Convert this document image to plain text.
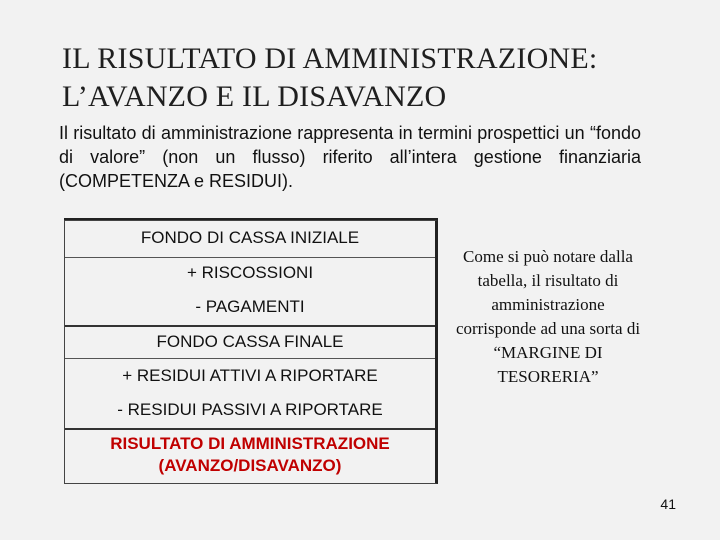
IL RISULTATO DI AMMINISTRAZIONE:
L’AVANZO E IL DISAVANZO
Il risultato di amministrazione rappresenta in termini prospettici un “fondo di valore” (non un flusso) riferito all’intera gestione finanziaria (COMPETENZA e RESIDUI).
FONDO DI CASSA INIZIALE
+ RISCOSSIONI
- PAGAMENTI
FONDO CASSA FINALE
+ RESIDUI ATTIVI A RIPORTARE
- RESIDUI PASSIVI A RIPORTARE
RISULTATO DI AMMINISTRAZIONE (AVANZO/DISAVANZO)
Come si può notare dalla tabella, il risultato di amministrazione corrisponde ad una sorta di “MARGINE DI TESORERIA”
41
